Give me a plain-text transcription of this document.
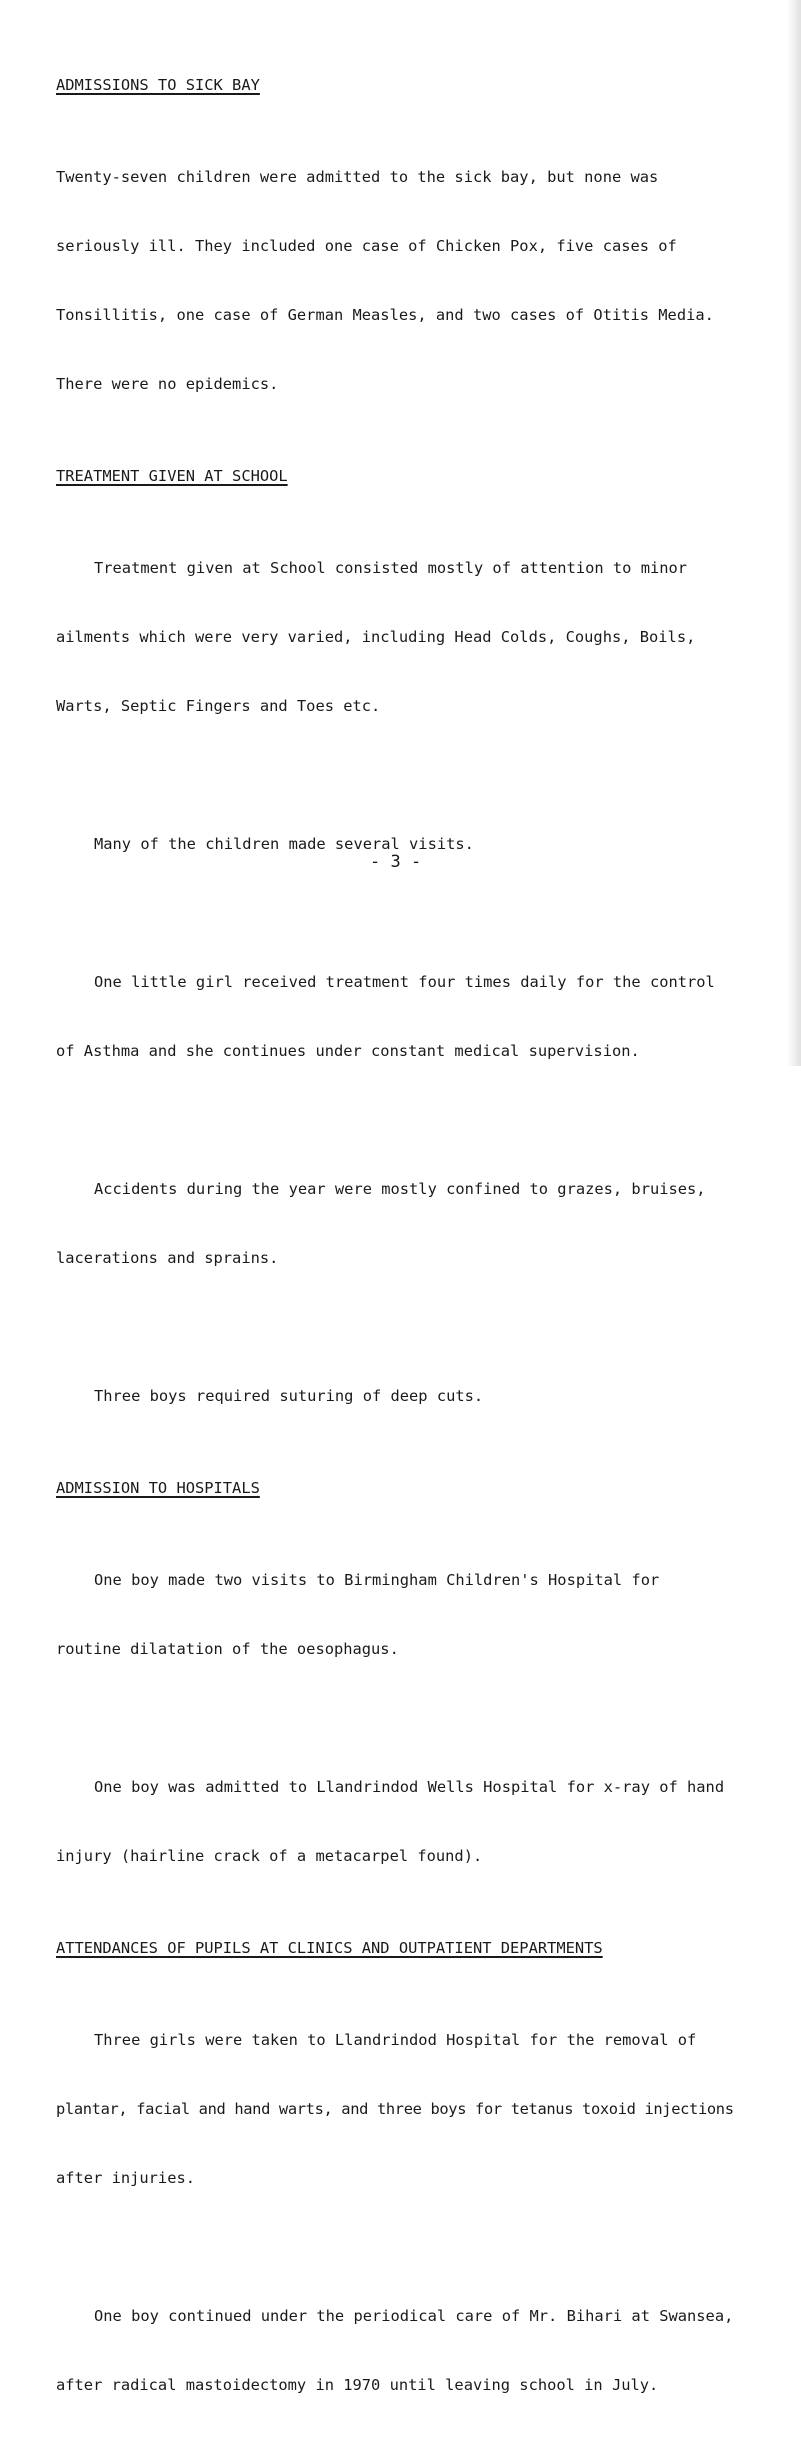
ADMISSIONS TO SICK BAY

Twenty-seven children were admitted to the sick bay, but none was

seriously ill. They included one case of Chicken Pox, five cases of

Tonsillitis, one case of German Measles, and two cases of Otitis Media.

There were no epidemics.

TREATMENT GIVEN AT SCHOOL

Treatment given at School consisted mostly of attention to minor

ailments which were very varied, including Head Colds, Coughs, Boils,

Warts, Septic Fingers and Toes etc.

Many of the children made several visits.

One little girl received treatment four times daily for the control

of Asthma and she continues under constant medical supervision.

Accidents during the year were mostly confined to grazes, bruises,

lacerations and sprains.

Three boys required suturing of deep cuts.

ADMISSION TO HOSPITALS

One boy made two visits to Birmingham Children's Hospital for

routine dilatation of the oesophagus.

One boy was admitted to Llandrindod Wells Hospital for x-ray of hand

injury (hairline crack of a metacarpel found).

ATTENDANCES OF PUPILS AT CLINICS AND OUTPATIENT DEPARTMENTS

Three girls were taken to Llandrindod Hospital for the removal of

plantar, facial and hand warts, and three boys for tetanus toxoid injections

after injuries.

One boy continued under the periodical care of Mr. Bihari at Swansea,

after radical mastoidectomy in 1970 until leaving school in July.

- 3 -
